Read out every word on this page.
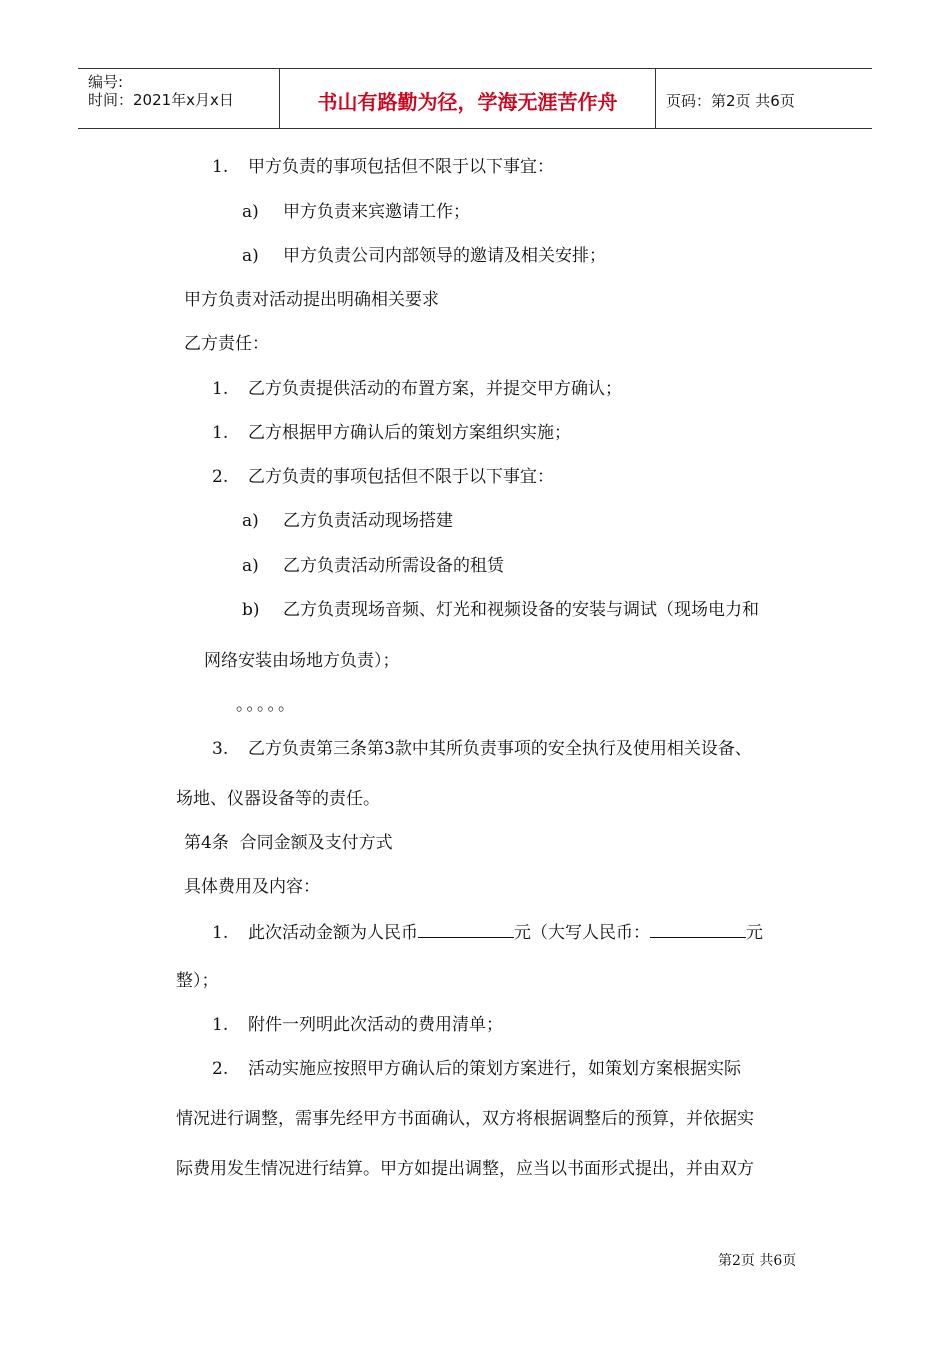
编号:
时间：2021年x月x日	书山有路勤为径，学海无涯苦作舟	页码：第2页 共6页
1. 甲方负责的事项包括但不限于以下事宜：
a) 甲方负责来宾邀请工作；
a) 甲方负责公司内部领导的邀请及相关安排；
甲方负责对活动提出明确相关要求
乙方责任：
1. 乙方负责提供活动的布置方案，并提交甲方确认；
1. 乙方根据甲方确认后的策划方案组织实施；
2. 乙方负责的事项包括但不限于以下事宜：
a) 乙方负责活动现场搭建
a) 乙方负责活动所需设备的租赁
b) 乙方负责现场音频、灯光和视频设备的安装与调试（现场电力和
网络安装由场地方负责）；
。。。。。
3. 乙方负责第三条第3款中其所负责事项的安全执行及使用相关设备、
场地、仪器设备等的责任。
第4条  合同金额及支付方式
具体费用及内容：
1. 此次活动金额为人民币	元（大写人民币：	元
整）；
1. 附件一列明此次活动的费用清单；
2. 活动实施应按照甲方确认后的策划方案进行，如策划方案根据实际
情况进行调整，需事先经甲方书面确认，双方将根据调整后的预算，并依据实
际费用发生情况进行结算。甲方如提出调整，应当以书面形式提出，并由双方
第2页 共6页
